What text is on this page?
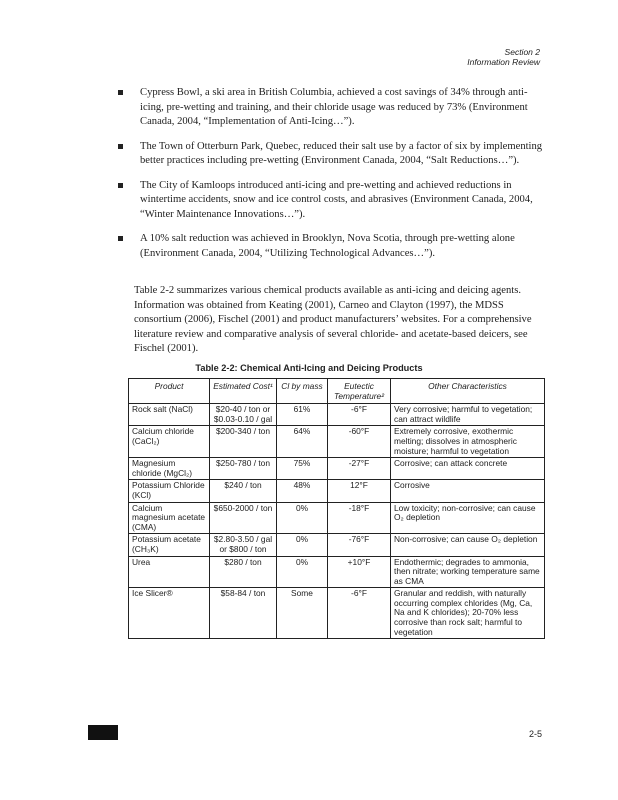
Section 2
Information Review
Cypress Bowl, a ski area in British Columbia, achieved a cost savings of 34% through anti-icing, pre-wetting and training, and their chloride usage was reduced by 73% (Environment Canada, 2004, “Implementation of Anti-Icing…”).
The Town of Otterburn Park, Quebec, reduced their salt use by a factor of six by implementing better practices including pre-wetting (Environment Canada, 2004, “Salt Reductions…”).
The City of Kamloops introduced anti-icing and pre-wetting and achieved reductions in wintertime accidents, snow and ice control costs, and abrasives (Environment Canada, 2004, “Winter Maintenance Innovations…”).
A 10% salt reduction was achieved in Brooklyn, Nova Scotia, through pre-wetting alone (Environment Canada, 2004, “Utilizing Technological Advances…”).
Table 2-2 summarizes various chemical products available as anti-icing and deicing agents. Information was obtained from Keating (2001), Carneo and Clayton (1997), the MDSS consortium (2006), Fischel (2001) and product manufacturers’ websites. For a comprehensive literature review and comparative analysis of several chloride- and acetate-based deicers, see Fischel (2001).
Table 2-2: Chemical Anti-Icing and Deicing Products
Product	Estimated Cost¹	Cl by mass	Eutectic Temperature²	Other Characteristics
Rock salt (NaCl)	$20-40 / ton or $0.03-0.10 / gal	61%	-6°F	Very corrosive; harmful to vegetation; can attract wildlife
Calcium chloride (CaCl₂)	$200-340 / ton	64%	-60°F	Extremely corrosive, exothermic melting; dissolves in atmospheric moisture; harmful to vegetation
Magnesium chloride (MgCl₂)	$250-780 / ton	75%	-27°F	Corrosive; can attack concrete
Potassium Chloride (KCl)	$240 / ton	48%	12°F	Corrosive
Calcium magnesium acetate (CMA)	$650-2000 / ton	0%	-18°F	Low toxicity; non-corrosive; can cause O₂ depletion
Potassium acetate (CH₃K)	$2.80-3.50 / gal or $800 / ton	0%	-76°F	Non-corrosive; can cause O₂ depletion
Urea	$280 / ton	0%	+10°F	Endothermic; degrades to ammonia, then nitrate; working temperature same as CMA
Ice Slicer®	$58-84 / ton	Some	-6°F	Granular and reddish, with naturally occurring complex chlorides (Mg, Ca, Na and K chlorides); 20-70% less corrosive than rock salt; harmful to vegetation
2-5
